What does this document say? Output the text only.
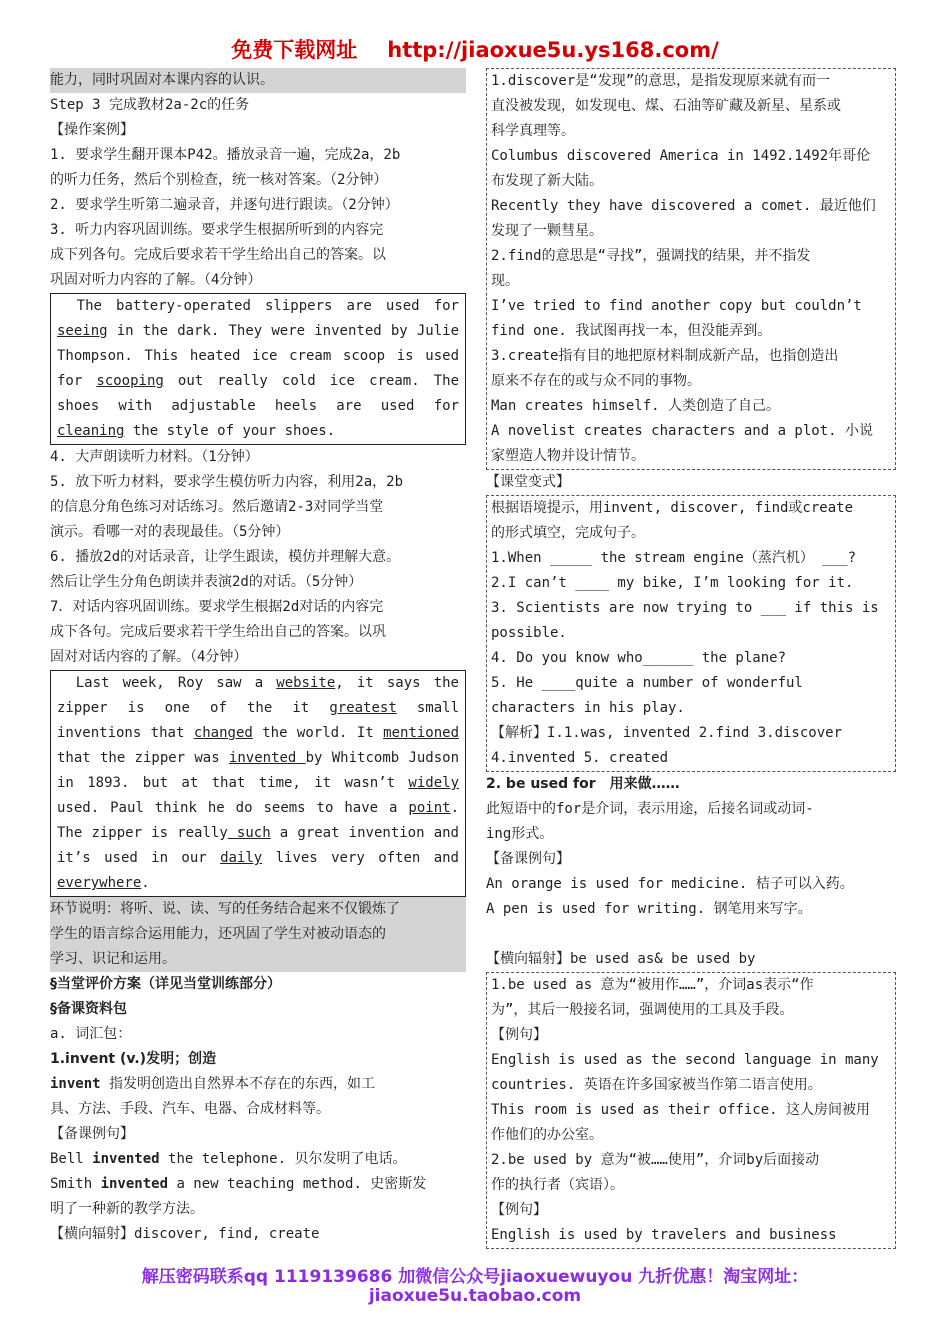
免费下载网址 http://jiaoxue5u.ys168.com/
能力，同时巩固对本课内容的认识。
Step 3 完成教材2a-2c的任务
【操作案例】
1. 要求学生翻开课本P42。播放录音一遍，完成2a，2b
的听力任务，然后个别检查，统一核对答案。（2分钟）
2. 要求学生听第二遍录音，并逐句进行跟读。（2分钟）
3. 听力内容巩固训练。要求学生根据所听到的内容完
成下列各句。完成后要求若干学生给出自己的答案。以
巩固对听力内容的了解。（4分钟）
　The battery-operated slippers are used for
seeing in the dark. They were invented by Julie
Thompson. This heated ice cream scoop is used
for scooping out really cold ice cream. The
shoes with adjustable heels are used for
cleaning the style of your shoes.
4. 大声朗读听力材料。（1分钟）
5. 放下听力材料，要求学生模仿听力内容，利用2a，2b
的信息分角色练习对话练习。然后邀请2-3对同学当堂
演示。看哪一对的表现最佳。（5分钟）
6. 播放2d的对话录音，让学生跟读，模仿并理解大意。
然后让学生分角色朗读并表演2d的对话。（5分钟）
7．对话内容巩固训练。要求学生根据2d对话的内容完
成下各句。完成后要求若干学生给出自己的答案。以巩
固对对话内容的了解。（4分钟）
　Last week, Roy saw a website, it says the
zipper is one of the it greatest small
inventions that changed the world. It mentioned
that the zipper was invented by Whitcomb Judson
in 1893. but at that time, it wasn’t widely
used. Paul think he do seems to have a point.
The zipper is really such a great invention and
it’s used in our daily lives very often and
everywhere.
环节说明：将听、说、读、写的任务结合起来不仅锻炼了
学生的语言综合运用能力，还巩固了学生对被动语态的
学习、识记和运用。
§当堂评价方案（详见当堂训练部分）
§备课资料包
a. 词汇包：
1.invent (v.)发明；创造
invent 指发明创造出自然界本不存在的东西，如工
具、方法、手段、汽车、电器、合成材料等。
【备课例句】
Bell invented the telephone. 贝尔发明了电话。
Smith invented a new teaching method. 史密斯发
明了一种新的教学方法。
【横向辐射】discover, find, create
1.discover是“发现”的意思，是指发现原来就有而一
直没被发现，如发现电、煤、石油等矿藏及新星、星系或
科学真理等。
Columbus discovered America in 1492.1492年哥伦
布发现了新大陆。
Recently they have discovered a comet. 最近他们
发现了一颗彗星。
2.find的意思是“寻找”，强调找的结果，并不指发
现。
I’ve tried to find another copy but couldn’t
find one. 我试图再找一本，但没能弄到。
3.create指有目的地把原材料制成新产品，也指创造出
原来不存在的或与众不同的事物。
Man creates himself. 人类创造了自己。
A novelist creates characters and a plot. 小说
家塑造人物并设计情节。
【课堂变式】
根据语境提示，用invent, discover, find或create
的形式填空，完成句子。
1.When _____ the stream engine（蒸汽机） ___?
2.I can’t ____ my bike, I’m looking for it.
3. Scientists are now trying to ___ if this is
possible.
4. Do you know who______ the plane?
5. He ____quite a number of wonderful
characters in his play.
【解析】I.1.was, invented 2.find 3.discover
4.invented 5. created
2. be used for　用来做……
此短语中的for是介词，表示用途，后接名词或动词-
ing形式。
【备课例句】
An orange is used for medicine. 桔子可以入药。
A pen is used for writing. 钢笔用来写字。
【横向辐射】be used as& be used by
1.be used as 意为“被用作……”，介词as表示“作
为”，其后一般接名词，强调使用的工具及手段。
【例句】
English is used as the second language in many
countries. 英语在许多国家被当作第二语言使用。
This room is used as their office. 这人房间被用
作他们的办公室。
2.be used by 意为“被……使用”，介词by后面接动
作的执行者（宾语）。
【例句】
English is used by travelers and business
解压密码联系qq 1119139686 加微信公众号jiaoxuewuyou 九折优惠！淘宝网址：
jiaoxue5u.taobao.com
